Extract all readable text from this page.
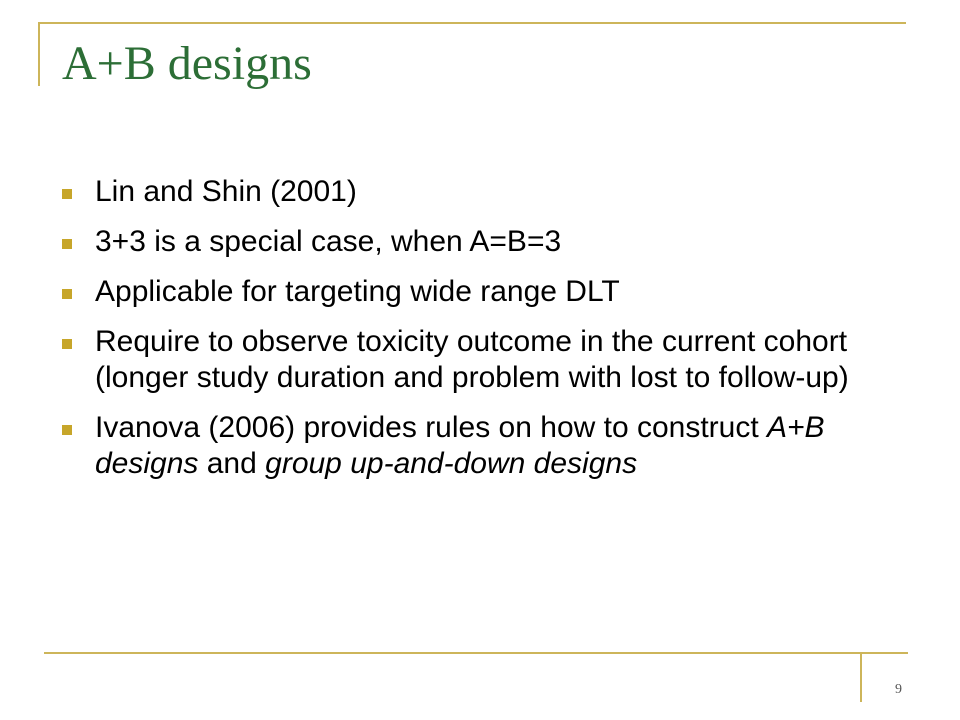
A+B designs
Lin and Shin (2001)
3+3 is a special case, when A=B=3
Applicable for targeting wide range DLT
Require to observe toxicity outcome in the current cohort (longer study duration and problem with lost to follow-up)
Ivanova (2006) provides rules on how to construct A+B designs and group up-and-down designs
9
